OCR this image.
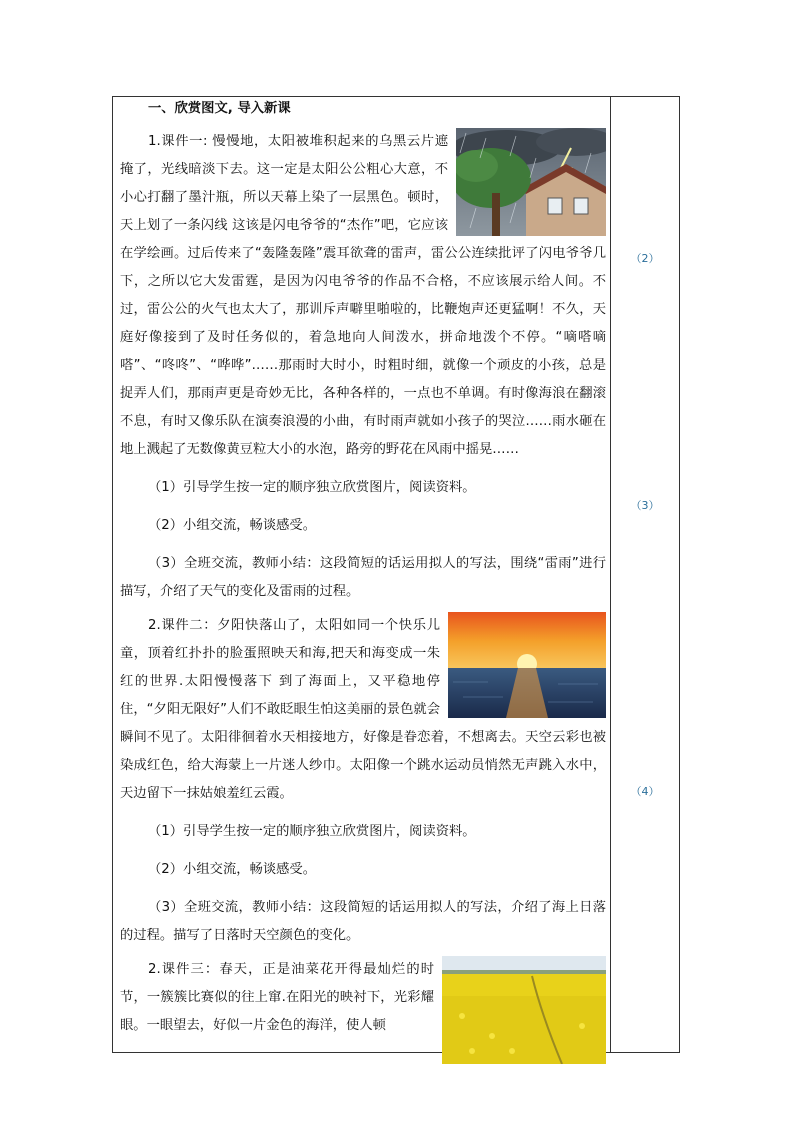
（2）
（3）
（4）
一、欣赏图文, 导入新课

1.课件一: 慢慢地，太阳被堆积起来的乌黑云片遮掩了，光线暗淡下去。这一定是太阳公公粗心大意，不小心打翻了墨汁瓶，所以天幕上染了一层黑色。顿时，天上划了一条闪线 这该是闪电爷爷的“杰作”吧，它应该在学绘画。过后传来了“轰隆轰隆”震耳欲聋的雷声，雷公公连续批评了闪电爷爷几下，之所以它大发雷霆，是因为闪电爷爷的作品不合格，不应该展示给人间。不过，雷公公的火气也太大了，那训斥声噼里啪啦的，比鞭炮声还更猛啊！不久，天庭好像接到了及时任务似的，着急地向人间泼水，拼命地泼个不停。“嘀嗒嘀嗒”、“咚咚”、“哗哗”……那雨时大时小，时粗时细，就像一个顽皮的小孩，总是捉弄人们，那雨声更是奇妙无比，各种各样的，一点也不单调。有时像海浪在翻滚不息，有时又像乐队在演奏浪漫的小曲，有时雨声就如小孩子的哭泣……雨水砸在地上溅起了无数像黄豆粒大小的水泡，路旁的野花在风雨中摇晃……

（1）引导学生按一定的顺序独立欣赏图片，阅读资料。

（2）小组交流，畅谈感受。

（3）全班交流，教师小结：这段简短的话运用拟人的写法，围绕“雷雨”进行描写，介绍了天气的变化及雷雨的过程。

2.课件二：夕阳快落山了，太阳如同一个快乐儿童，顶着红扑扑的脸蛋照映天和海,把天和海变成一朱红的世界.太阳慢慢落下 到了海面上，又平稳地停住，“夕阳无限好”人们不敢眨眼生怕这美丽的景色就会瞬间不见了。太阳徘徊着水天相接地方，好像是眷恋着，不想离去。天空云彩也被染成红色，给大海蒙上一片迷人纱巾。太阳像一个跳水运动员悄然无声跳入水中，天边留下一抹姑娘羞红云霞。

（1）引导学生按一定的顺序独立欣赏图片，阅读资料。

（2）小组交流，畅谈感受。

（3）全班交流，教师小结：这段简短的话运用拟人的写法，介绍了海上日落的过程。描写了日落时天空颜色的变化。

2.课件三：春天，正是油菜花开得最灿烂的时节，一簇簇比赛似的往上窜.在阳光的映衬下，光彩耀眼。一眼望去，好似一片金色的海洋，使人顿
